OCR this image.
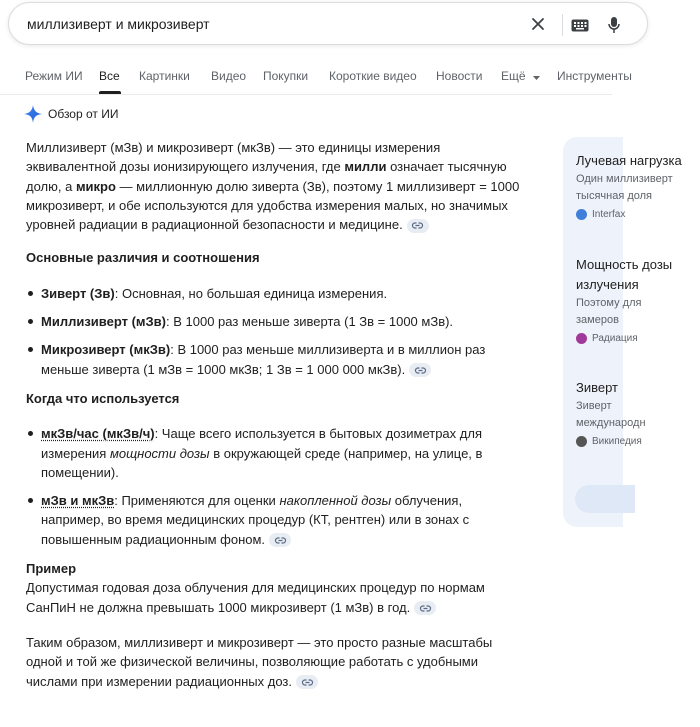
миллизиверт и микрозиверт
Режим ИИ Все Картинки Видео Покупки Короткие видео Новости Ещё	Инструменты
Обзор от ИИ

Миллизиверт (мЗв) и микрозиверт (мкЗв) — это единицы измерения эквивалентной дозы ионизирующего излучения, где милли означает тысячную долю, а микро — миллионную долю зиверта (Зв), поэтому 1 миллизиверт = 1000 микрозиверт, и обе используются для удобства измерения малых, но значимых уровней радиации в радиационной безопасности и медицине.

Основные различия и соотношения

Зиверт (Зв): Основная, но большая единица измерения.
Миллизиверт (мЗв): В 1000 раз меньше зиверта (1 Зв = 1000 мЗв).
Микрозиверт (мкЗв): В 1000 раз меньше миллизиверта и в миллион раз меньше зиверта (1 мЗв = 1000 мкЗв; 1 Зв = 1 000 000 мкЗв).

Когда что используется

мкЗв/час (мкЗв/ч): Чаще всего используется в бытовых дозиметрах для измерения мощности дозы в окружающей среде (например, на улице, в помещении).
мЗв и мкЗв: Применяются для оценки накопленной дозы облучения, например, во время медицинских процедур (КТ, рентген) или в зонах с повышенным радиационным фоном.

Пример

Допустимая годовая доза облучения для медицинских процедур по нормам СанПиН не должна превышать 1000 микрозиверт (1 мЗв) в год.

Таким образом, миллизиверт и микрозиверт — это просто разные масштабы одной и той же физической величины, позволяющие работать с удобными числами при измерении радиационных доз.

Лучевая нагрузка
Один миллизиверт
тысячная доля
Interfax
Мощность дозы
излучения
Поэтому для
замеров
Радиация
Зиверт
Зиверт
международн
Википедия
